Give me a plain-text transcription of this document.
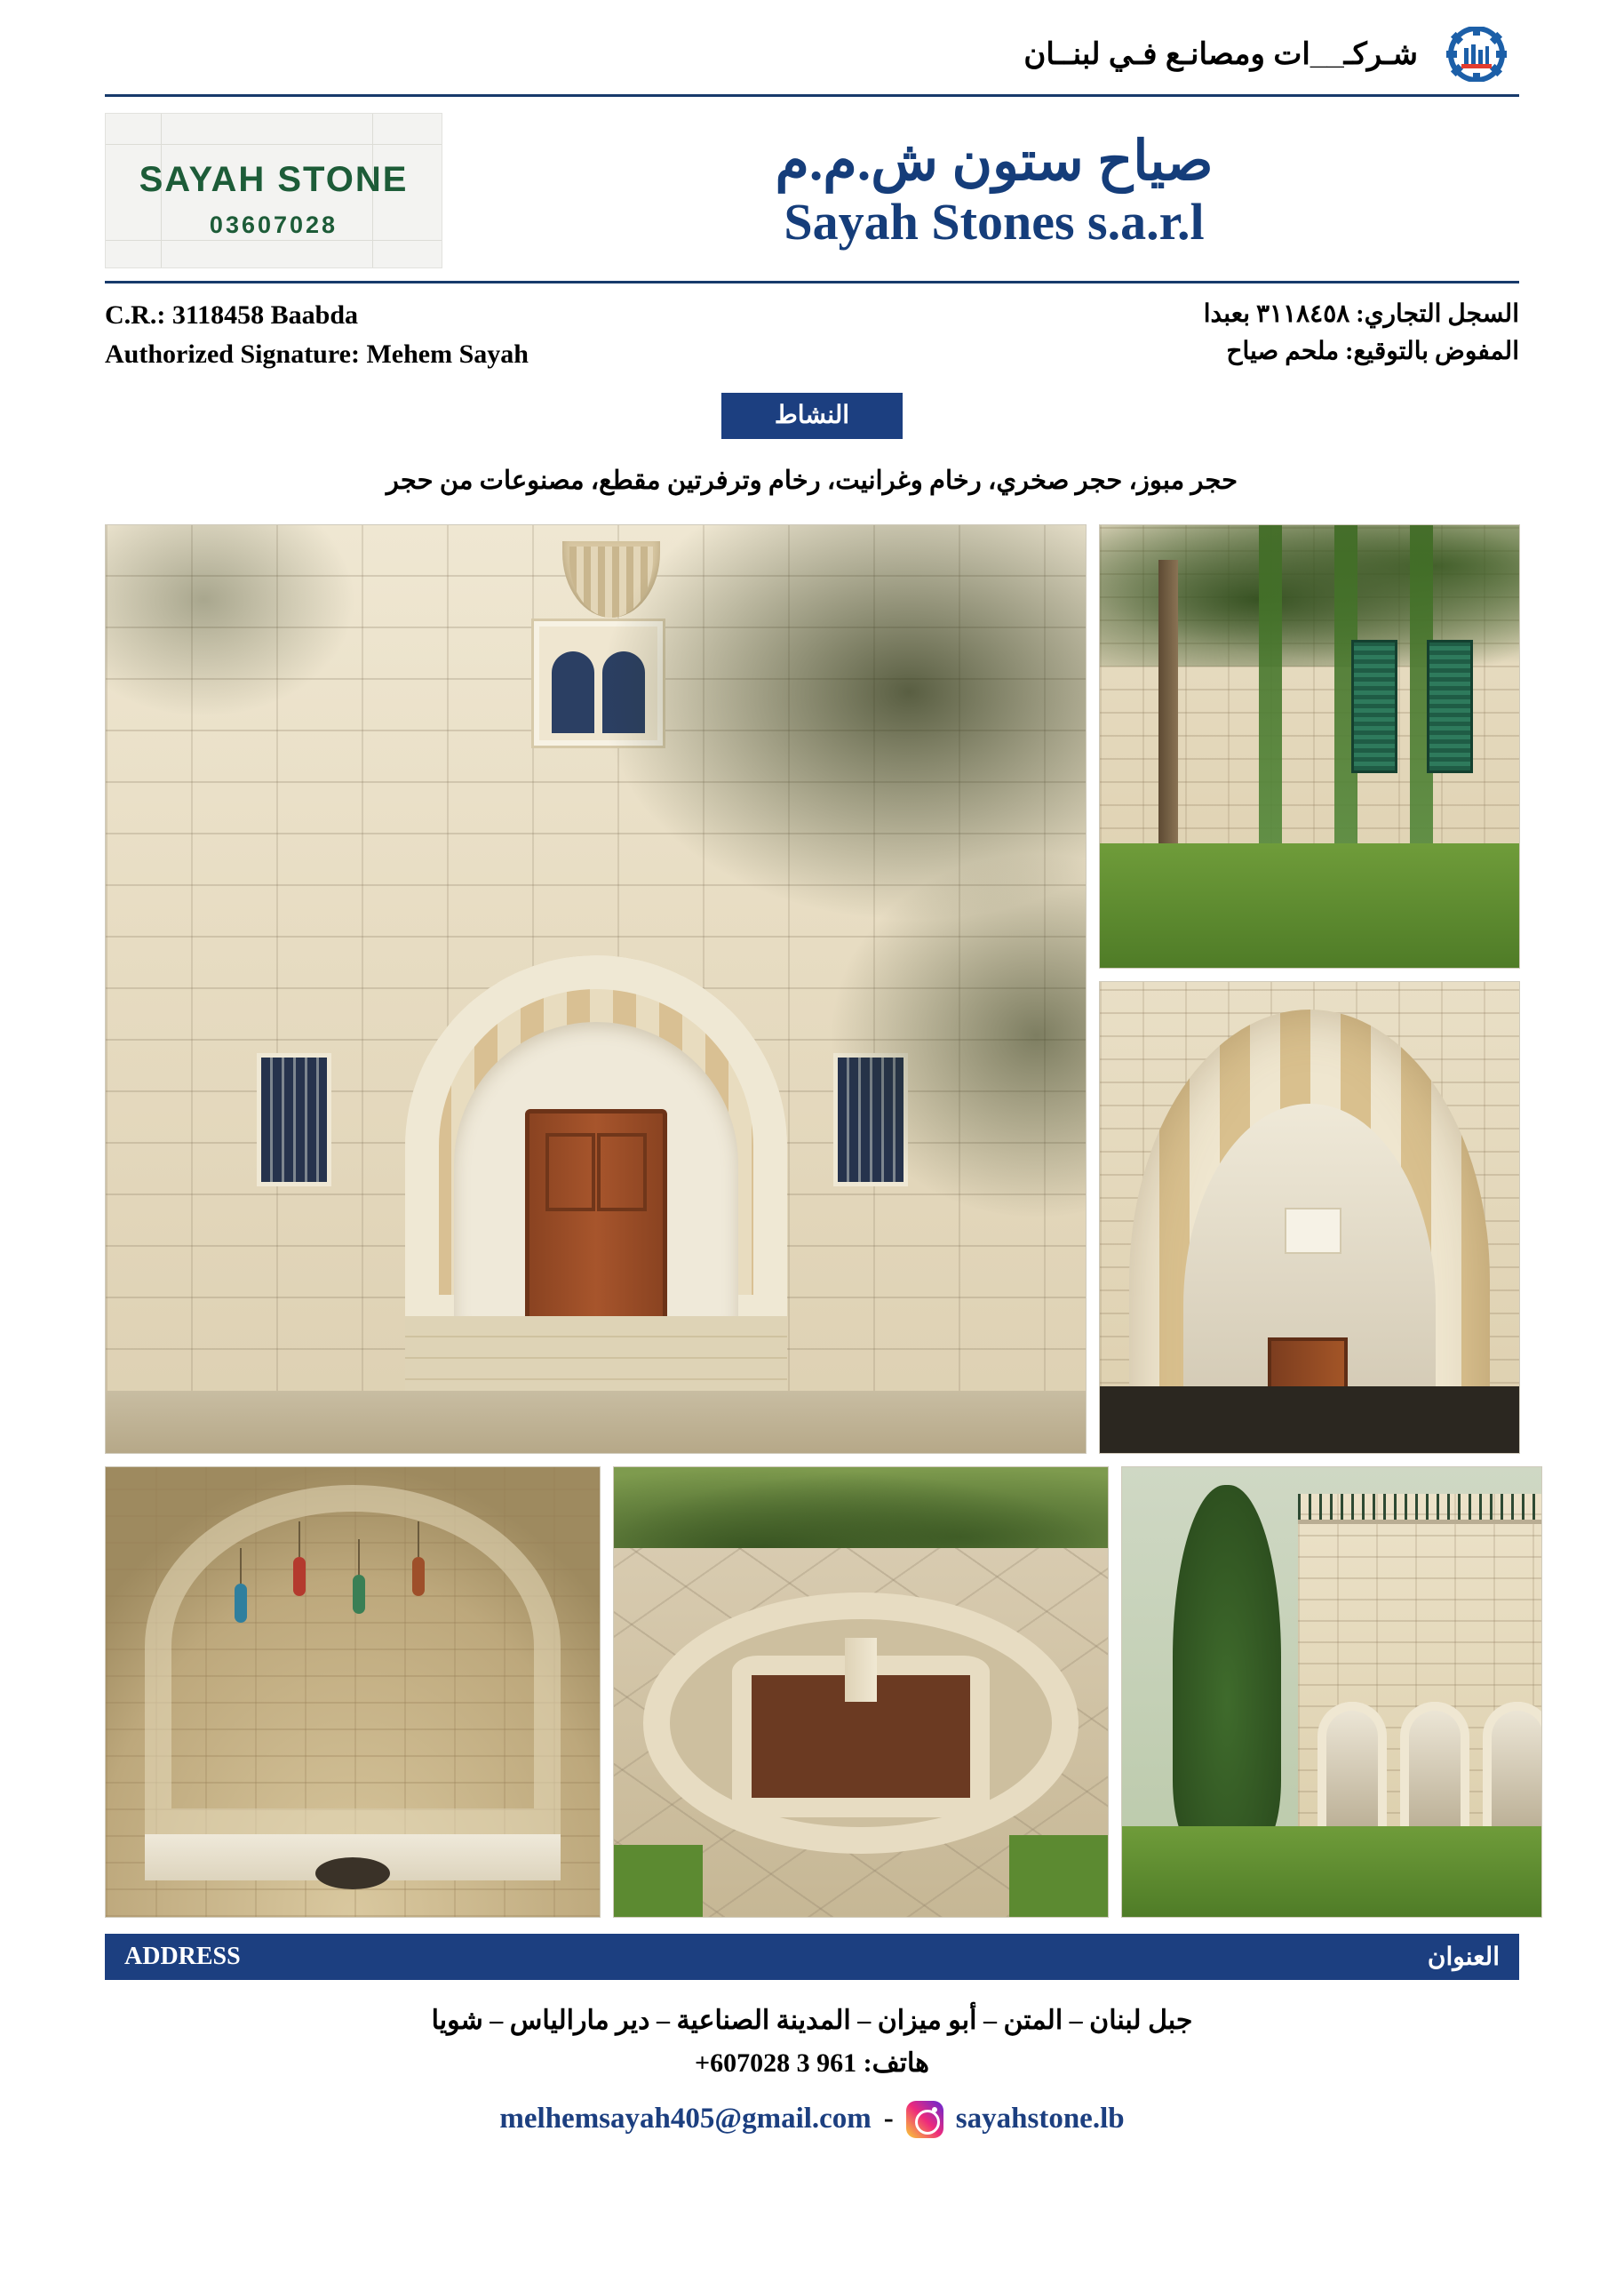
شـركـ__ات ومصانـع فـي لبنــان
SAYAH STONE
03607028
صياح ستون ش.م.م
Sayah Stones s.a.r.l
C.R.: 3118458 Baabda
Authorized Signature: Mehem Sayah
السجل التجاري: ٣١١٨٤٥٨ بعبدا
المفوض بالتوقيع: ملحم صياح
النشاط
حجر مبوز، حجر صخري، رخام وغرانيت، رخام وترفرتين مقطع، مصنوعات من حجر
ADDRESS	العنوان
جبل لبنان – المتن – أبو ميزان – المدينة الصناعية – دير مارالياس – شويا
هاتف: 961 3 607028+
melhemsayah405@gmail.com - sayahstone.lb
